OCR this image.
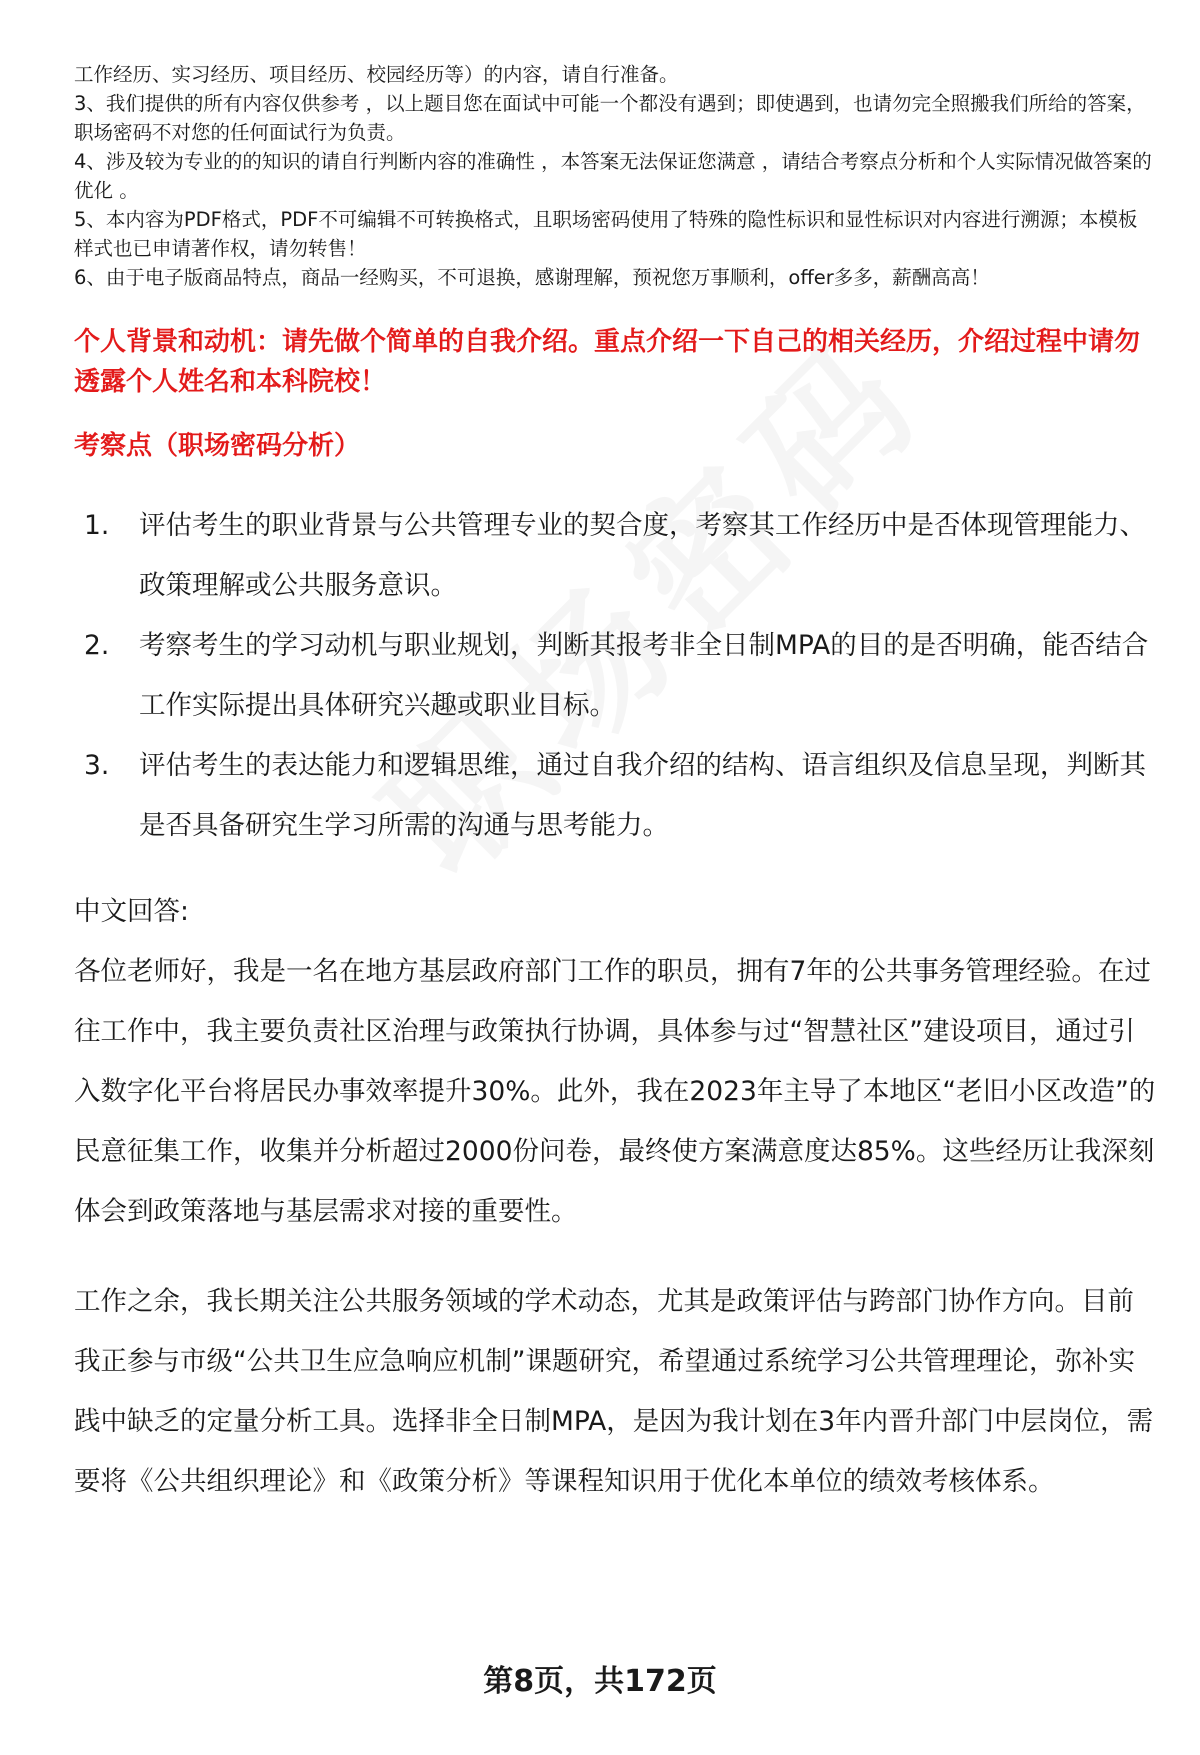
工作经历、实习经历、项目经历、校园经历等）的内容，请自行准备。

3、我们提供的所有内容仅供参考 ，以上题目您在面试中可能一个都没有遇到；即使遇到，也请勿完全照搬我们所给的答案，职场密码不对您的任何面试行为负责。

4、涉及较为专业的的知识的请自行判断内容的准确性 ，本答案无法保证您满意 ，请结合考察点分析和个人实际情况做答案的优化 。

5、本内容为PDF格式，PDF不可编辑不可转换格式，且职场密码使用了特殊的隐性标识和显性标识对内容进行溯源；本模板样式也已申请著作权，请勿转售！

6、由于电子版商品特点，商品一经购买，不可退换，感谢理解，预祝您万事顺利，offer多多，薪酬高高！

个人背景和动机：请先做个简单的自我介绍。重点介绍一下自己的相关经历，介绍过程中请勿透露个人姓名和本科院校！
考察点（职场密码分析）
1. 评估考生的职业背景与公共管理专业的契合度，考察其工作经历中是否体现管理能力、政策理解或公共服务意识。
2. 考察考生的学习动机与职业规划，判断其报考非全日制MPA的目的是否明确，能否结合工作实际提出具体研究兴趣或职业目标。
3. 评估考生的表达能力和逻辑思维，通过自我介绍的结构、语言组织及信息呈现，判断其是否具备研究生学习所需的沟通与思考能力。

中文回答:

各位老师好，我是一名在地方基层政府部门工作的职员，拥有7年的公共事务管理经验。在过往工作中，我主要负责社区治理与政策执行协调，具体参与过“智慧社区”建设项目，通过引入数字化平台将居民办事效率提升30%。此外，我在2023年主导了本地区“老旧小区改造”的民意征集工作，收集并分析超过2000份问卷，最终使方案满意度达85%。这些经历让我深刻体会到政策落地与基层需求对接的重要性。

工作之余，我长期关注公共服务领域的学术动态，尤其是政策评估与跨部门协作方向。目前我正参与市级“公共卫生应急响应机制”课题研究，希望通过系统学习公共管理理论，弥补实践中缺乏的定量分析工具。选择非全日制MPA，是因为我计划在3年内晋升部门中层岗位，需要将《公共组织理论》和《政策分析》等课程知识用于优化本单位的绩效考核体系。

第8页，共172页
